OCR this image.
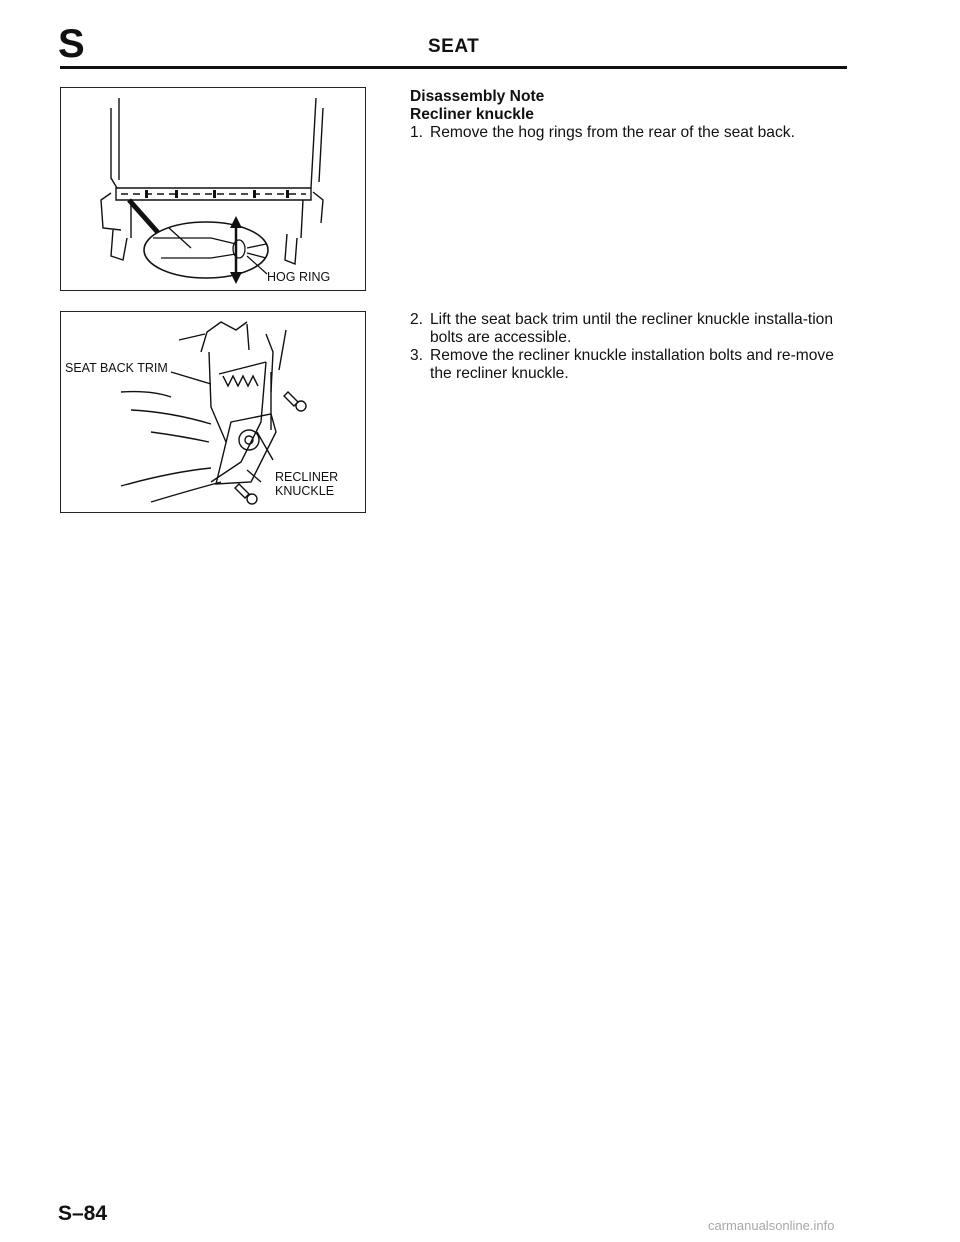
S	SEAT
HOG RING
SEAT BACK TRIM
RECLINER
KNUCKLE
Disassembly Note
Recliner knuckle
1. Remove the hog rings from the rear of the seat back.
2. Lift the seat back trim until the recliner knuckle installa-tion bolts are accessible.
3. Remove the recliner knuckle installation bolts and re-move the recliner knuckle.
S–84
carmanualsonline.info
